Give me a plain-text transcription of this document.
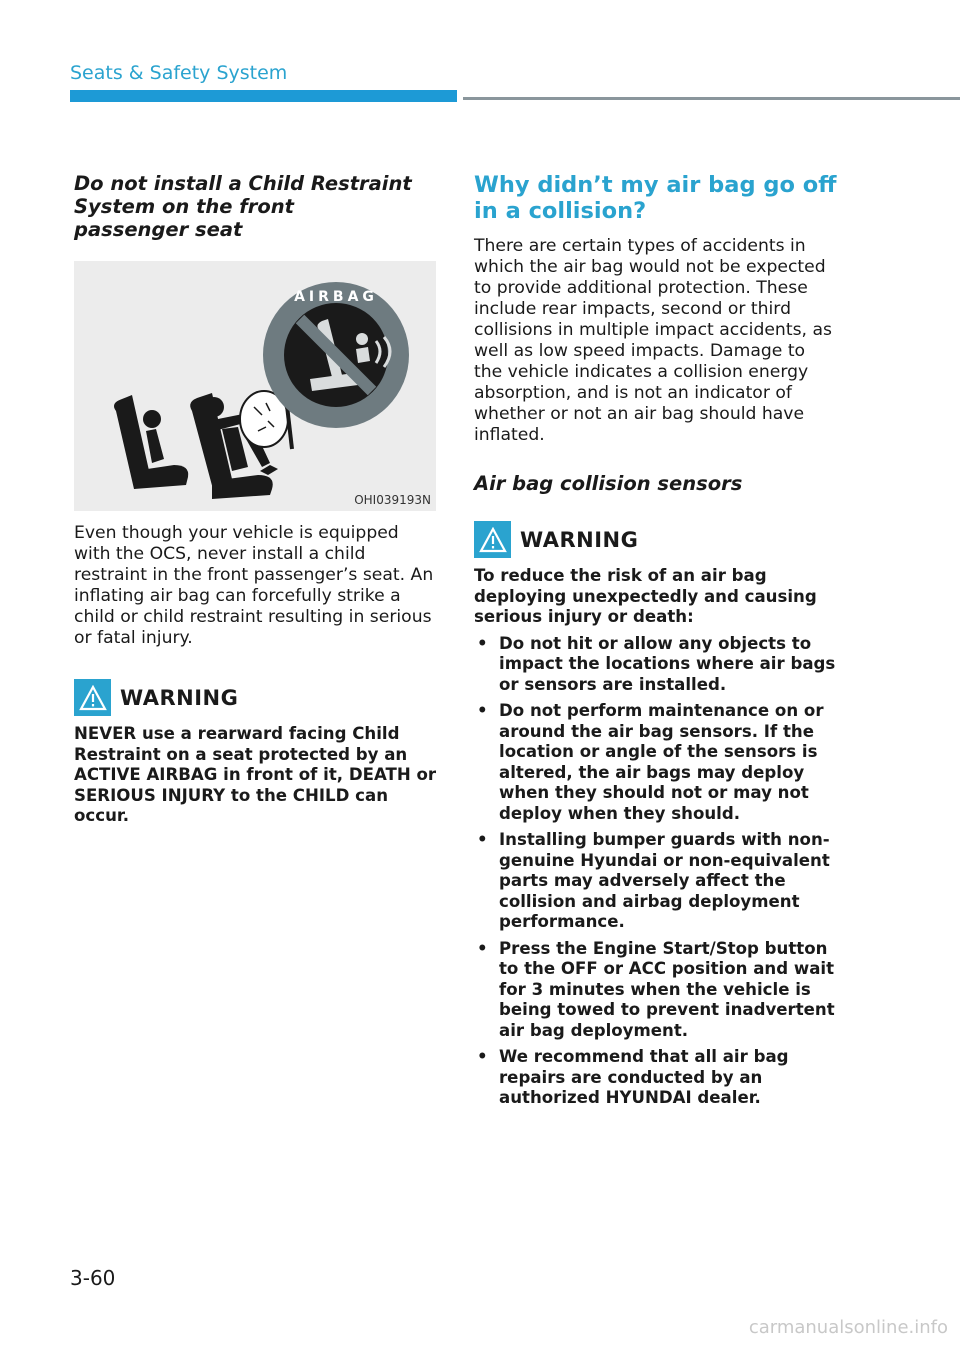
Seats & Safety System

Do not install a Child Restraint System on the front passenger seat

AIRBAG
OHI039193N

Even though your vehicle is equipped with the OCS, never install a child restraint in the front passenger’s seat. An inflating air bag can forcefully strike a child or child restraint resulting in serious or fatal injury.

WARNING

NEVER use a rearward facing Child Restraint on a seat protected by an ACTIVE AIRBAG in front of it, DEATH or SERIOUS INJURY to the CHILD can occur.

Why didn’t my air bag go off in a collision?

There are certain types of accidents in which the air bag would not be expected to provide additional protection. These include rear impacts, second or third collisions in multiple impact accidents, as well as low speed impacts. Damage to the vehicle indicates a collision energy absorption, and is not an indicator of whether or not an air bag should have inflated.

Air bag collision sensors

WARNING

To reduce the risk of an air bag deploying unexpectedly and causing serious injury or death:

• Do not hit or allow any objects to impact the locations where air bags or sensors are installed.
• Do not perform maintenance on or around the air bag sensors. If the location or angle of the sensors is altered, the air bags may deploy when they should not or may not deploy when they should.
• Installing bumper guards with non-genuine Hyundai or non-equivalent parts may adversely affect the collision and airbag deployment performance.
• Press the Engine Start/Stop button to the OFF or ACC position and wait for 3 minutes when the vehicle is being towed to prevent inadvertent air bag deployment.
• We recommend that all air bag repairs are conducted by an authorized HYUNDAI dealer.
3-60
carmanualsonline.info
